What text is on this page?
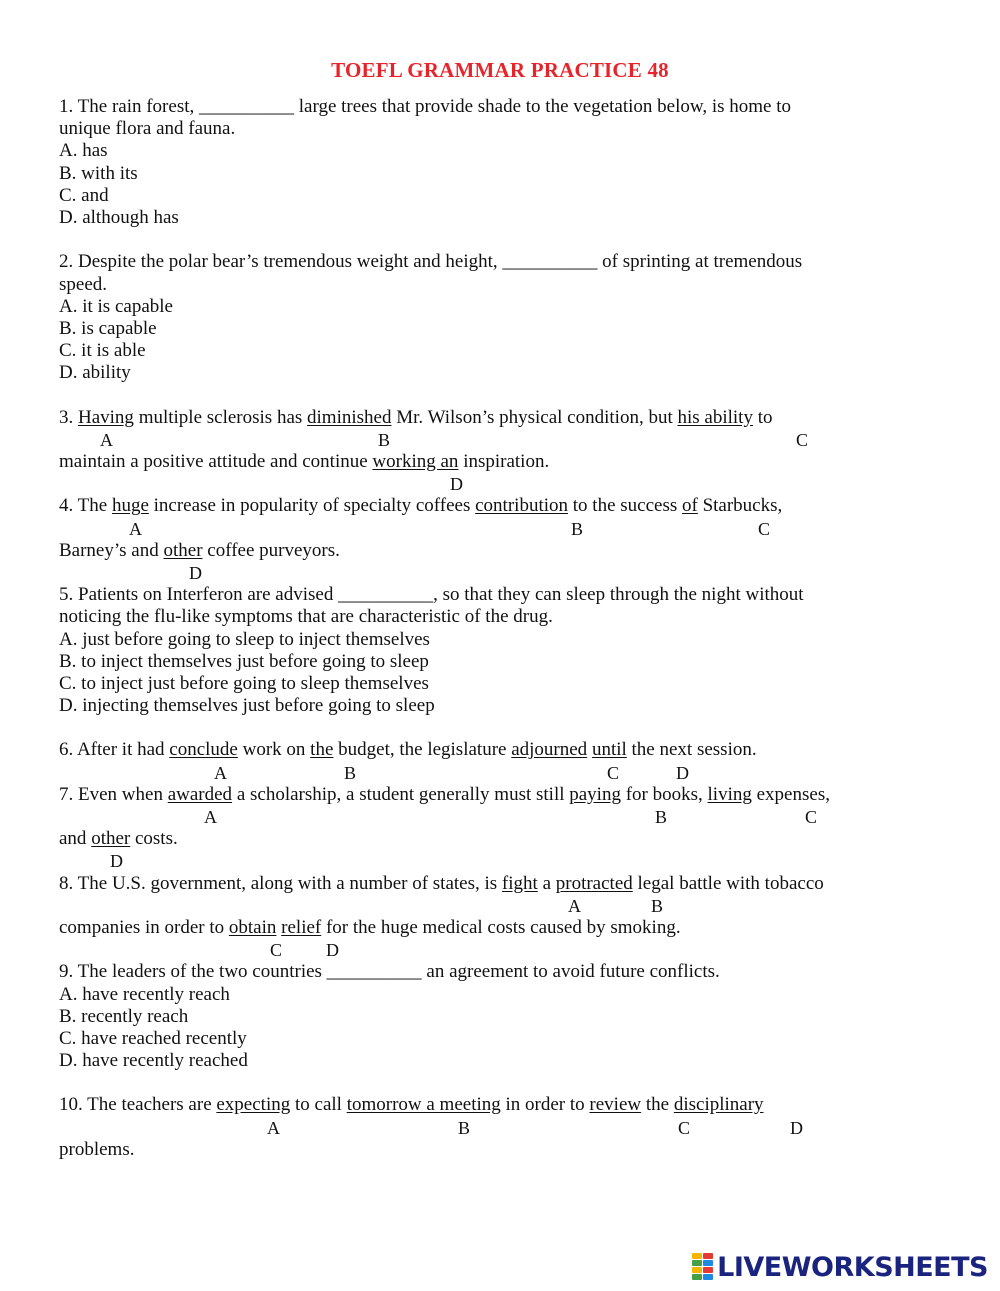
TOEFL GRAMMAR PRACTICE 48
1. The rain forest, __________ large trees that provide shade to the vegetation below, is home to
unique flora and fauna.
A. has
B. with its
C. and
D. although has
2. Despite the polar bear’s tremendous weight and height, __________ of sprinting at tremendous
speed.
A. it is capable
B. is capable
C. it is able
D. ability
3. Having multiple sclerosis has diminished Mr. Wilson’s physical condition, but his ability to
A	B	C
maintain a positive attitude and continue working an inspiration.
D
4. The huge increase in popularity of specialty coffees contribution to the success of Starbucks,
A	B	C
Barney’s and other coffee purveyors.
D
5. Patients on Interferon are advised __________, so that they can sleep through the night without
noticing the flu-like symptoms that are characteristic of the drug.
A. just before going to sleep to inject themselves
B. to inject themselves just before going to sleep
C. to inject just before going to sleep themselves
D. injecting themselves just before going to sleep
6. After it had conclude work on the budget, the legislature adjourned until the next session.
A	B	C	D
7. Even when awarded a scholarship, a student generally must still paying for books, living expenses,
A	B	C
and other costs.
D
8. The U.S. government, along with a number of states, is fight a protracted legal battle with tobacco
A	B
companies in order to obtain relief for the huge medical costs caused by smoking.
C D
9. The leaders of the two countries __________ an agreement to avoid future conflicts.
A. have recently reach
B. recently reach
C. have reached recently
D. have recently reached
10. The teachers are expecting to call tomorrow a meeting in order to review the disciplinary
A	B	C	D
problems.
LIVEWORKSHEETS
